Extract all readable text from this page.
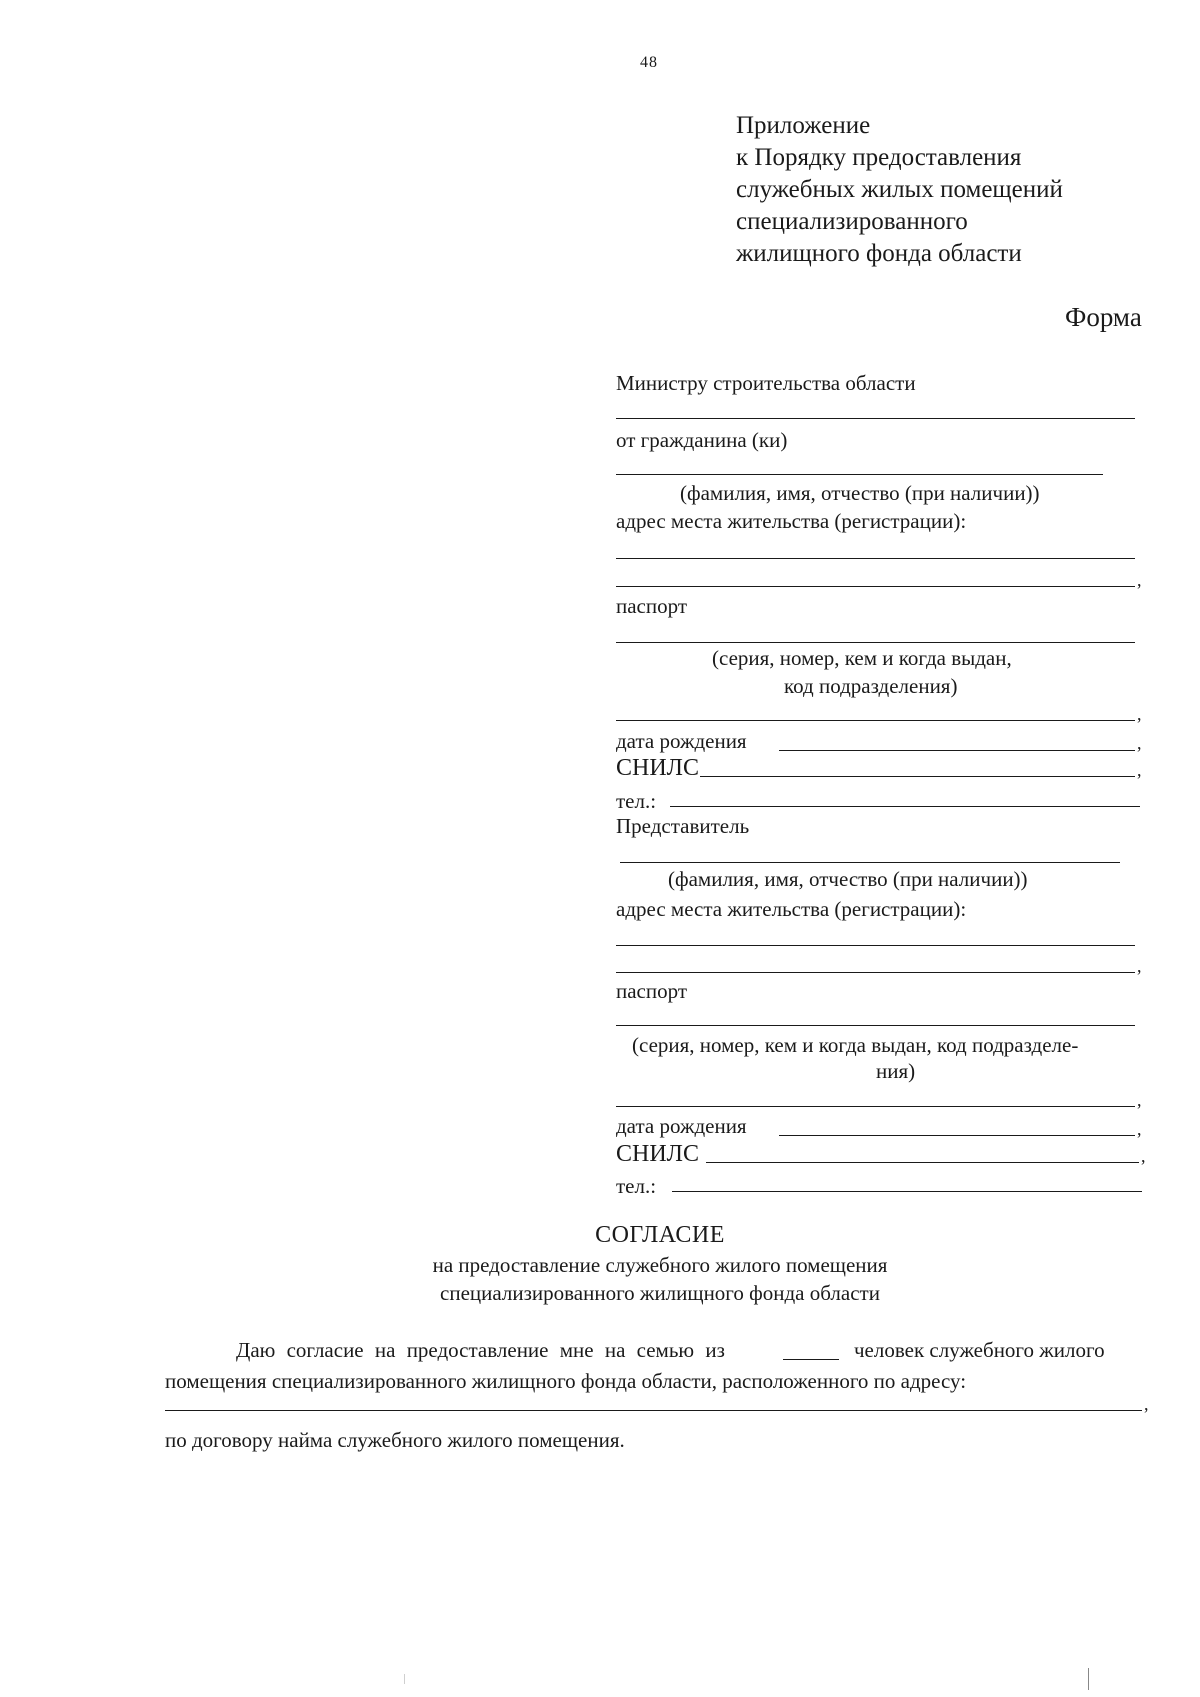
48
Приложение
к Порядку предоставления
служебных жилых помещений
специализированного
жилищного фонда области
Форма
Министру строительства области
от гражданина (ки)
(фамилия, имя, отчество (при наличии))
адрес места жительства (регистрации):
,
паспорт
(серия, номер, кем и когда выдан,
код подразделения)
,
дата рождения	,
СНИЛС	,
тел.:
Представитель
(фамилия, имя, отчество (при наличии))
адрес места жительства (регистрации):
,
паспорт
(серия, номер, кем и когда выдан, код подразделе-
ния)
,
дата рождения	,
СНИЛС	,
тел.:
СОГЛАСИЕ
на предоставление служебного жилого помещения
специализированного жилищного фонда области
Даю согласие на предоставление мне на семью из	человек служебного жилого
помещения специализированного жилищного фонда области, расположенного по адресу:
,
по договору найма служебного жилого помещения.
